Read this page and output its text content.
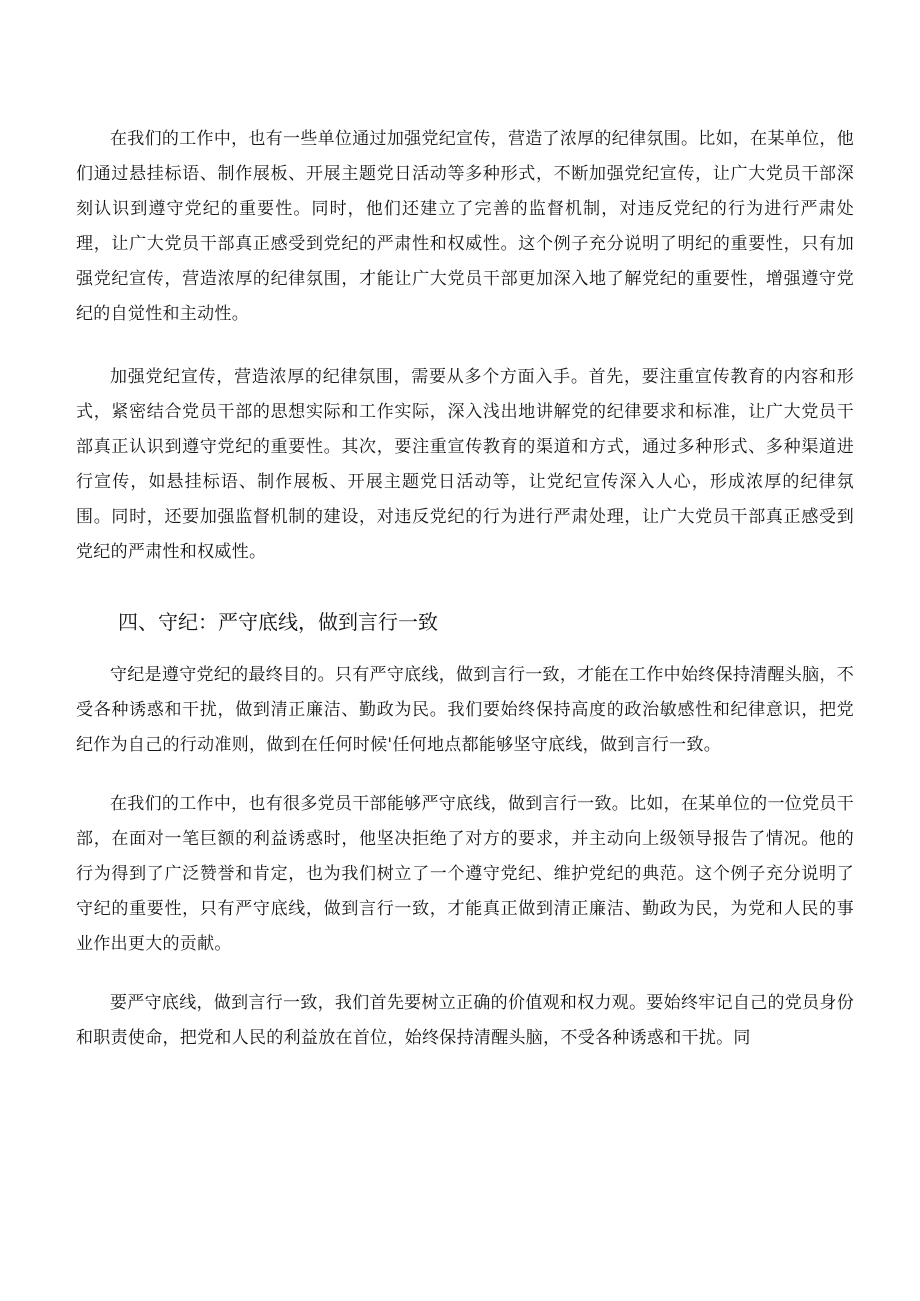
在我们的工作中，也有一些单位通过加强党纪宣传，营造了浓厚的纪律氛围。比如，在某单位，他们通过悬挂标语、制作展板、开展主题党日活动等多种形式，不断加强党纪宣传，让广大党员干部深刻认识到遵守党纪的重要性。同时，他们还建立了完善的监督机制，对违反党纪的行为进行严肃处理，让广大党员干部真正感受到党纪的严肃性和权威性。这个例子充分说明了明纪的重要性，只有加强党纪宣传，营造浓厚的纪律氛围，才能让广大党员干部更加深入地了解党纪的重要性，增强遵守党纪的自觉性和主动性。

加强党纪宣传，营造浓厚的纪律氛围，需要从多个方面入手。首先，要注重宣传教育的内容和形式，紧密结合党员干部的思想实际和工作实际，深入浅出地讲解党的纪律要求和标准，让广大党员干部真正认识到遵守党纪的重要性。其次，要注重宣传教育的渠道和方式，通过多种形式、多种渠道进行宣传，如悬挂标语、制作展板、开展主题党日活动等，让党纪宣传深入人心，形成浓厚的纪律氛围。同时，还要加强监督机制的建设，对违反党纪的行为进行严肃处理，让广大党员干部真正感受到党纪的严肃性和权威性。

四、守纪：严守底线，做到言行一致

守纪是遵守党纪的最终目的。只有严守底线，做到言行一致，才能在工作中始终保持清醒头脑，不受各种诱惑和干扰，做到清正廉洁、勤政为民。我们要始终保持高度的政治敏感性和纪律意识，把党纪作为自己的行动准则，做到在任何时候'任何地点都能够坚守底线，做到言行一致。

在我们的工作中，也有很多党员干部能够严守底线，做到言行一致。比如，在某单位的一位党员干部，在面对一笔巨额的利益诱惑时，他坚决拒绝了对方的要求，并主动向上级领导报告了情况。他的行为得到了广泛赞誉和肯定，也为我们树立了一个遵守党纪、维护党纪的典范。这个例子充分说明了守纪的重要性，只有严守底线，做到言行一致，才能真正做到清正廉洁、勤政为民，为党和人民的事业作出更大的贡献。

要严守底线，做到言行一致，我们首先要树立正确的价值观和权力观。要始终牢记自己的党员身份和职责使命，把党和人民的利益放在首位，始终保持清醒头脑，不受各种诱惑和干扰。同
